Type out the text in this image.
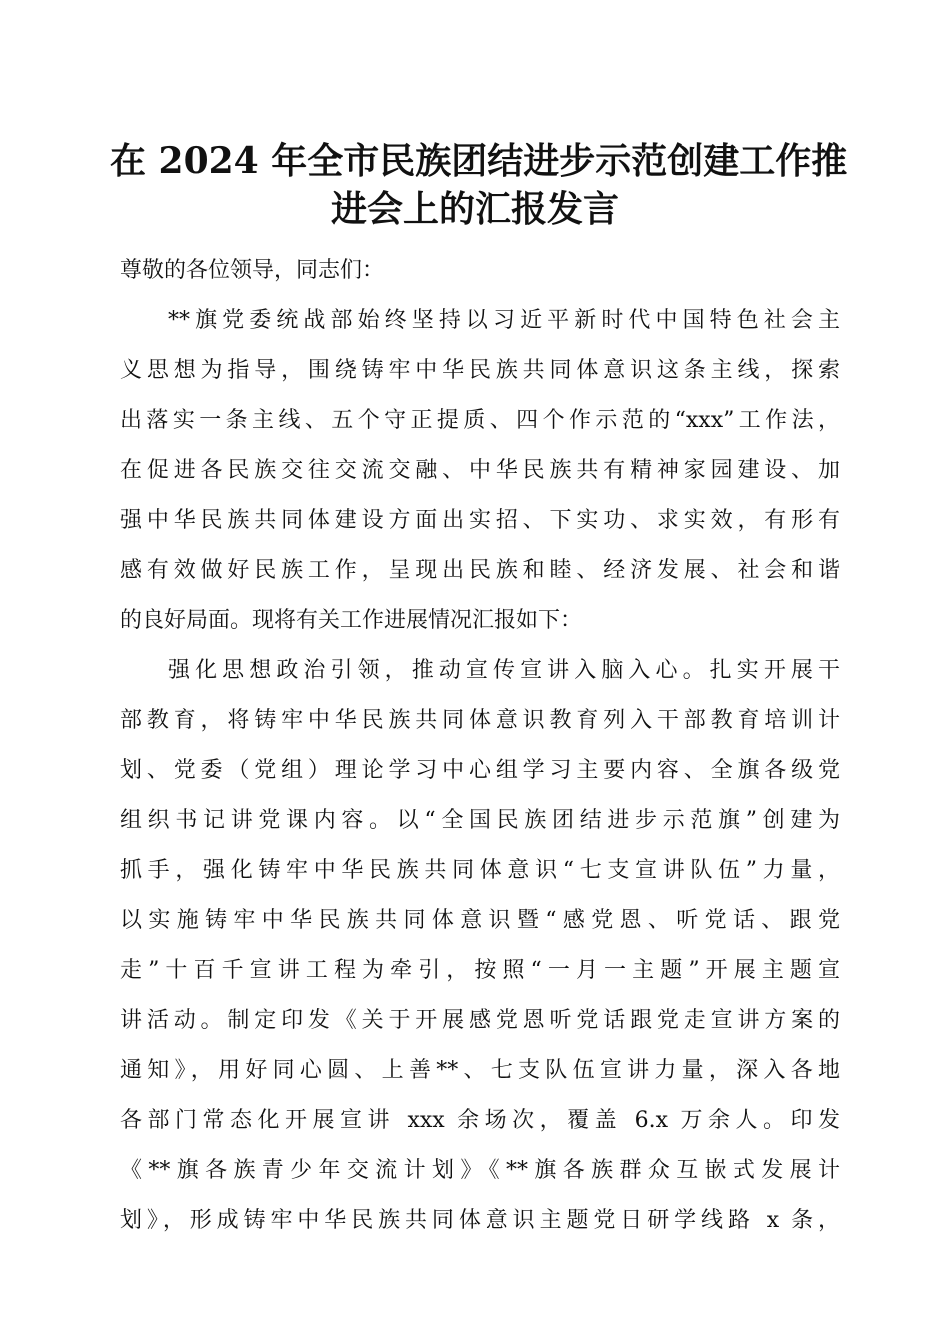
在 2024 年全市民族团结进步示范创建工作推
进会上的汇报发言
尊敬的各位领导，同志们：
**旗党委统战部始终坚持以习近平新时代中国特色社会主
义思想为指导，围绕铸牢中华民族共同体意识这条主线，探索
出落实一条主线、五个守正提质、四个作示范的“xxx”工作法，
在促进各民族交往交流交融、中华民族共有精神家园建设、加
强中华民族共同体建设方面出实招、下实功、求实效，有形有
感有效做好民族工作，呈现出民族和睦、经济发展、社会和谐
的良好局面。现将有关工作进展情况汇报如下：
强化思想政治引领，推动宣传宣讲入脑入心。扎实开展干
部教育，将铸牢中华民族共同体意识教育列入干部教育培训计
划、党委（党组）理论学习中心组学习主要内容、全旗各级党
组织书记讲党课内容。以“全国民族团结进步示范旗”创建为
抓手，强化铸牢中华民族共同体意识“七支宣讲队伍”力量，
以实施铸牢中华民族共同体意识暨“感党恩、听党话、跟党
走”十百千宣讲工程为牵引，按照“一月一主题”开展主题宣
讲活动。制定印发《关于开展感党恩听党话跟党走宣讲方案的
通知》，用好同心圆、上善**、七支队伍宣讲力量，深入各地
各部门常态化开展宣讲 xxx 余场次，覆盖 6.x 万余人。印发
《**旗各族青少年交流计划》《**旗各族群众互嵌式发展计
划》，形成铸牢中华民族共同体意识主题党日研学线路 x 条，
